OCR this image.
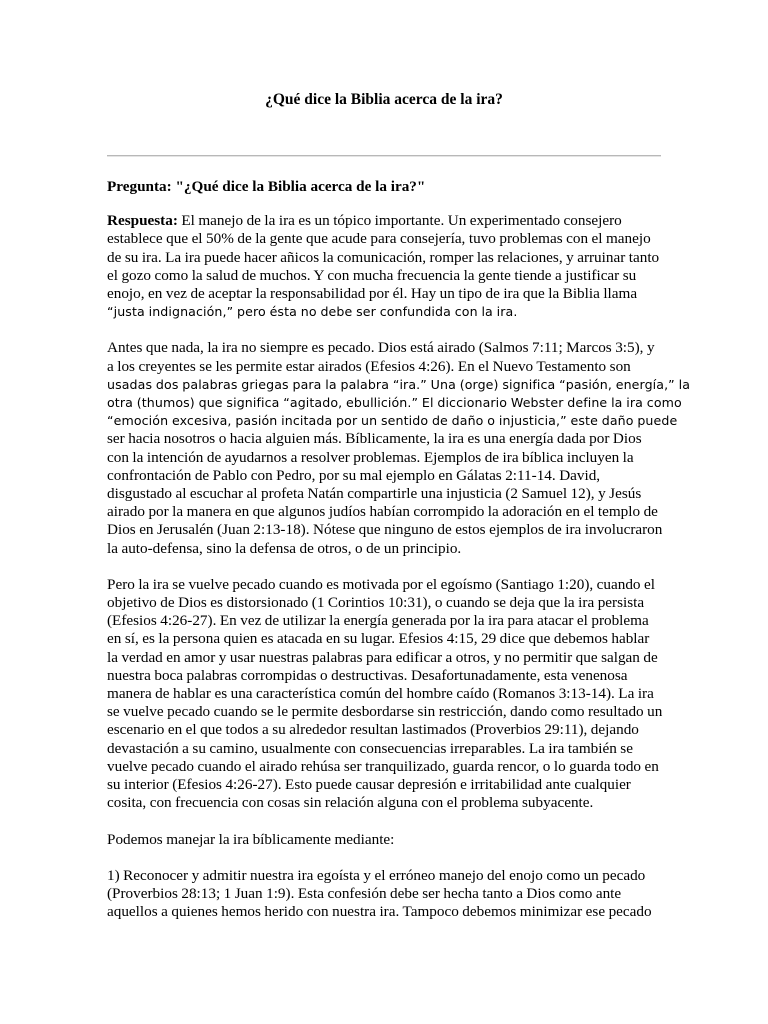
¿Qué dice la Biblia acerca de la ira?

Pregunta: "¿Qué dice la Biblia acerca de la ira?"

Respuesta: El manejo de la ira es un tópico importante. Un experimentado consejero
establece que el 50% de la gente que acude para consejería, tuvo problemas con el manejo
de su ira. La ira puede hacer añicos la comunicación, romper las relaciones, y arruinar tanto
el gozo como la salud de muchos. Y con mucha frecuencia la gente tiende a justificar su
enojo, en vez de aceptar la responsabilidad por él. Hay un tipo de ira que la Biblia llama
“justa indignación,” pero ésta no debe ser confundida con la ira.

Antes que nada, la ira no siempre es pecado. Dios está airado (Salmos 7:11; Marcos 3:5), y
a los creyentes se les permite estar airados (Efesios 4:26). En el Nuevo Testamento son
usadas dos palabras griegas para la palabra “ira.” Una (orge) significa “pasión, energía,” la
otra (thumos) que significa “agitado, ebullición.” El diccionario Webster define la ira como
“emoción excesiva, pasión incitada por un sentido de daño o injusticia,” este daño puede
ser hacia nosotros o hacia alguien más. Bíblicamente, la ira es una energía dada por Dios
con la intención de ayudarnos a resolver problemas. Ejemplos de ira bíblica incluyen la
confrontación de Pablo con Pedro, por su mal ejemplo en Gálatas 2:11-14. David,
disgustado al escuchar al profeta Natán compartirle una injusticia (2 Samuel 12), y Jesús
airado por la manera en que algunos judíos habían corrompido la adoración en el templo de
Dios en Jerusalén (Juan 2:13-18). Nótese que ninguno de estos ejemplos de ira involucraron
la auto-defensa, sino la defensa de otros, o de un principio.

Pero la ira se vuelve pecado cuando es motivada por el egoísmo (Santiago 1:20), cuando el
objetivo de Dios es distorsionado (1 Corintios 10:31), o cuando se deja que la ira persista
(Efesios 4:26-27). En vez de utilizar la energía generada por la ira para atacar el problema
en sí, es la persona quien es atacada en su lugar. Efesios 4:15, 29 dice que debemos hablar
la verdad en amor y usar nuestras palabras para edificar a otros, y no permitir que salgan de
nuestra boca palabras corrompidas o destructivas. Desafortunadamente, esta venenosa
manera de hablar es una característica común del hombre caído (Romanos 3:13-14). La ira
se vuelve pecado cuando se le permite desbordarse sin restricción, dando como resultado un
escenario en el que todos a su alrededor resultan lastimados (Proverbios 29:11), dejando
devastación a su camino, usualmente con consecuencias irreparables. La ira también se
vuelve pecado cuando el airado rehúsa ser tranquilizado, guarda rencor, o lo guarda todo en
su interior (Efesios 4:26-27). Esto puede causar depresión e irritabilidad ante cualquier
cosita, con frecuencia con cosas sin relación alguna con el problema subyacente.

Podemos manejar la ira bíblicamente mediante:

1) Reconocer y admitir nuestra ira egoísta y el erróneo manejo del enojo como un pecado
(Proverbios 28:13; 1 Juan 1:9). Esta confesión debe ser hecha tanto a Dios como ante
aquellos a quienes hemos herido con nuestra ira. Tampoco debemos minimizar ese pecado
